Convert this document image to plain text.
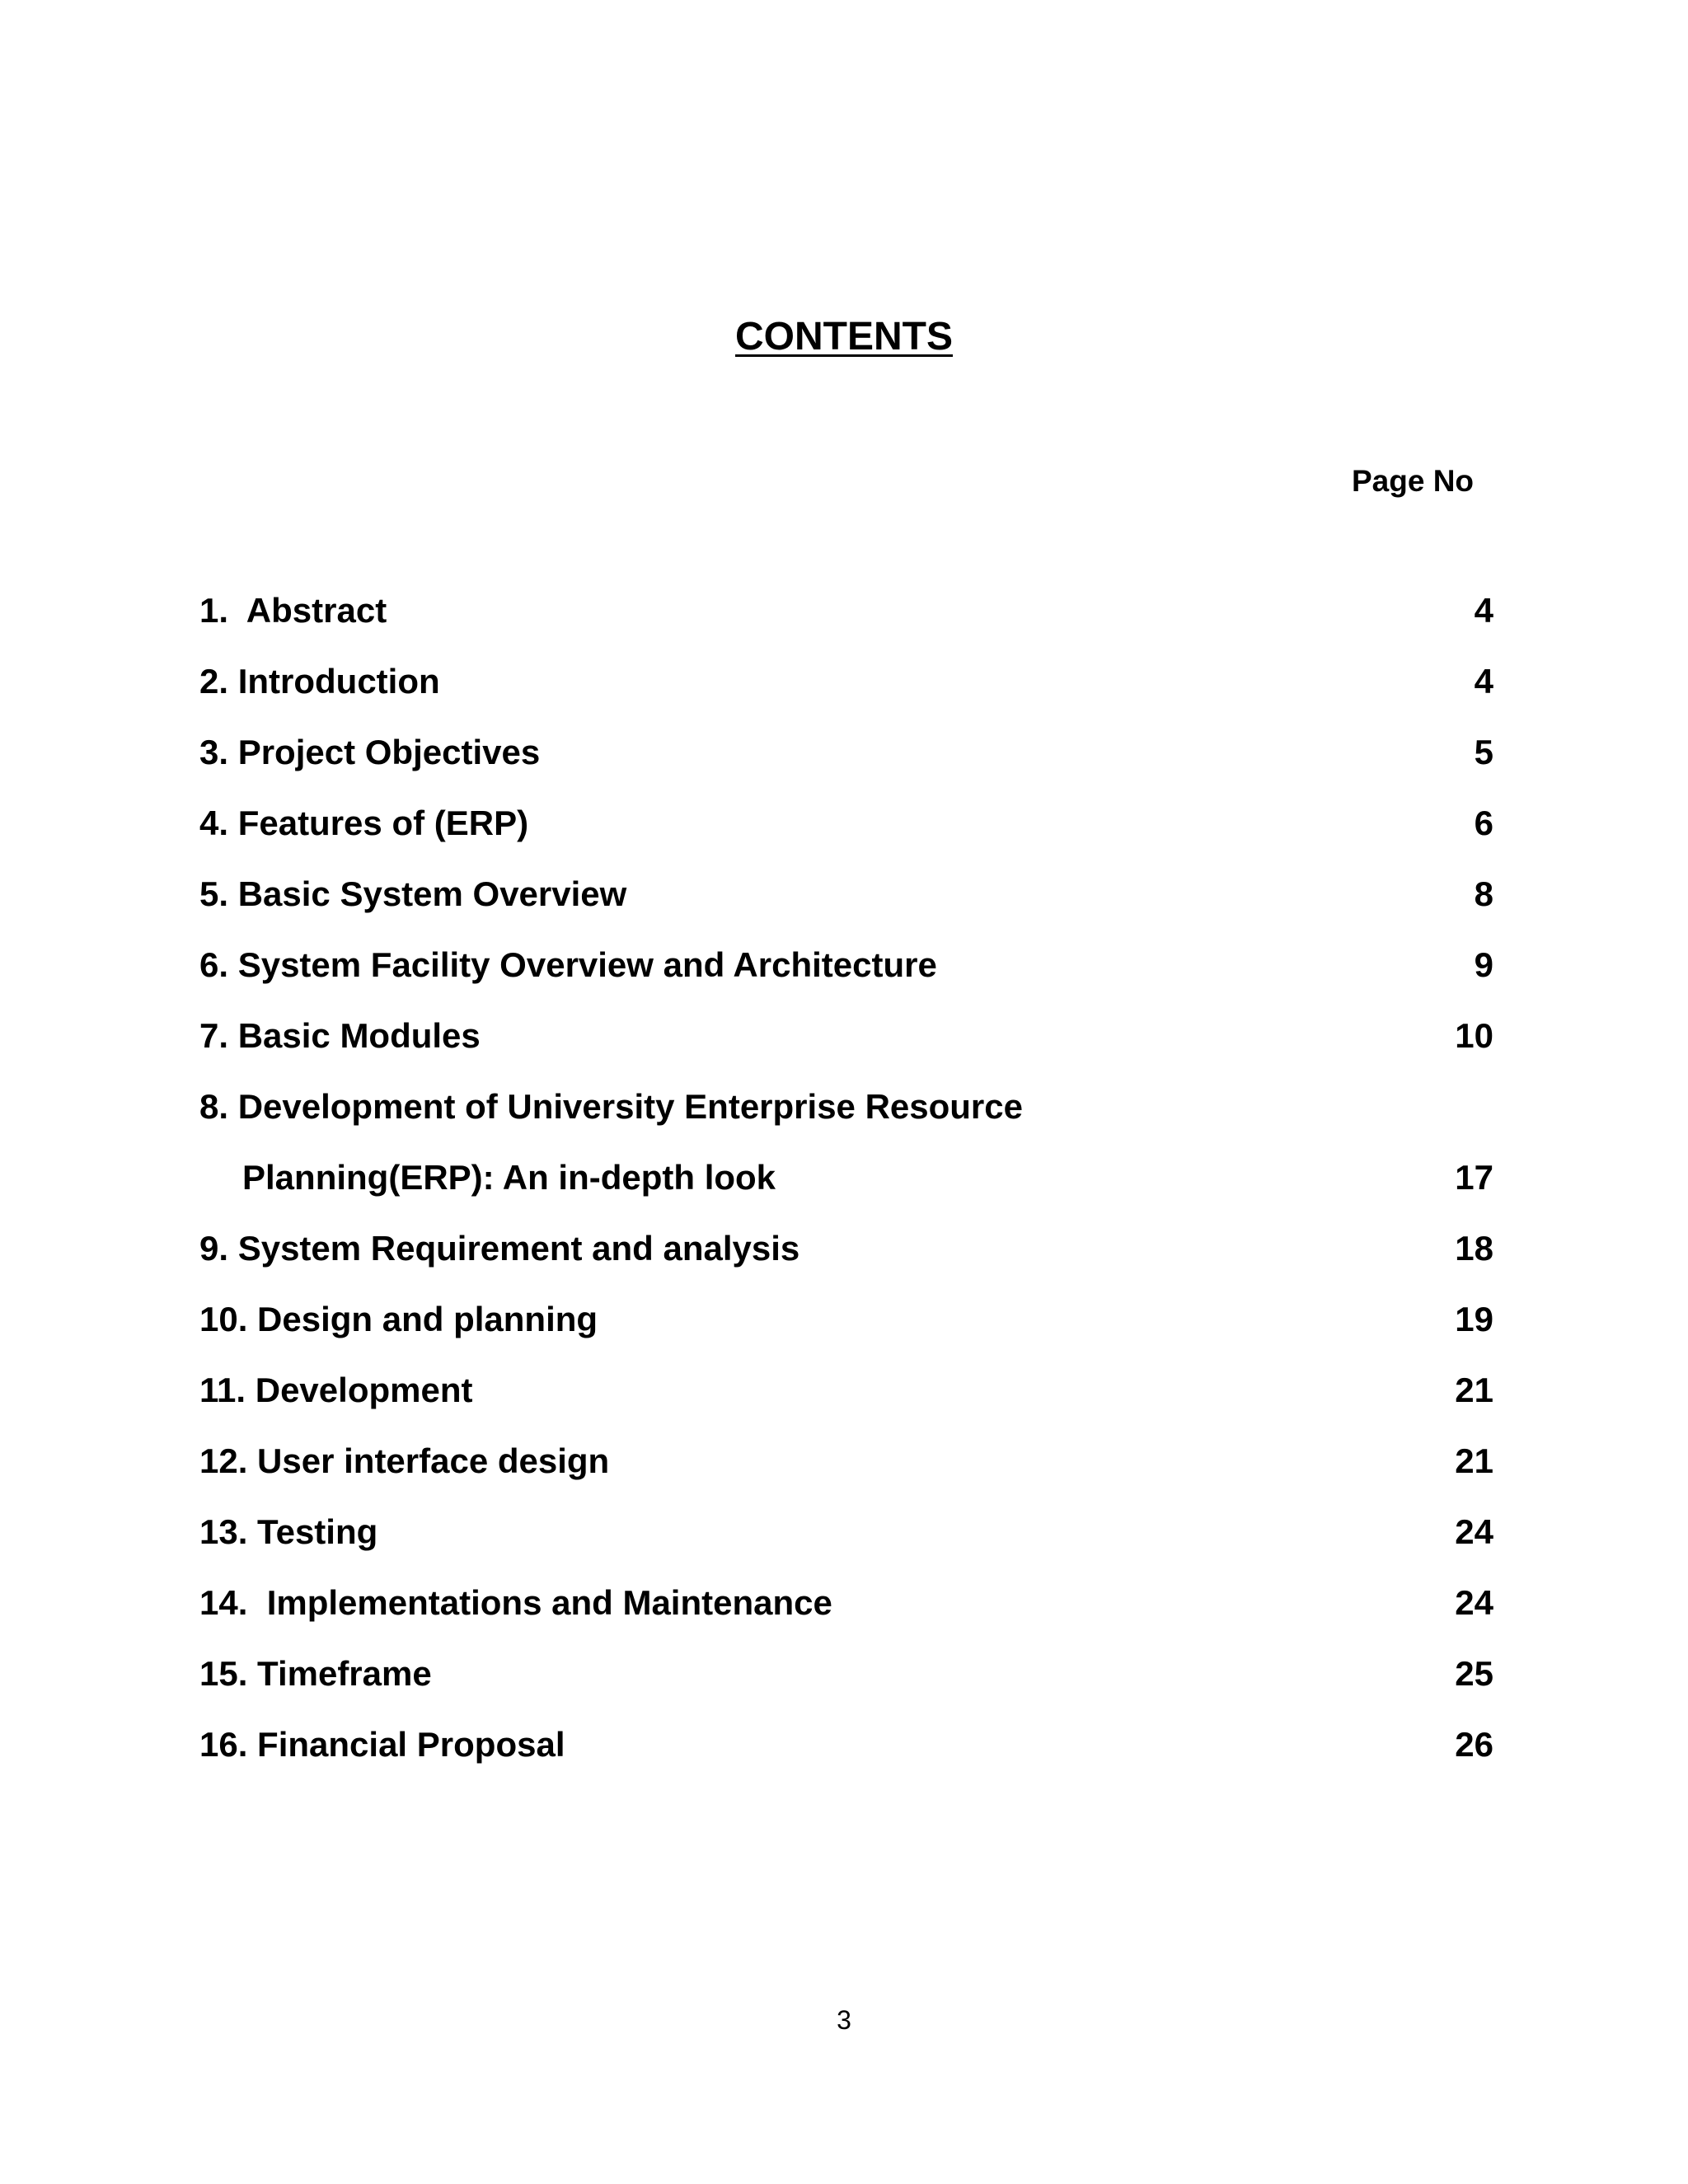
CONTENTS
Page No
1.  Abstract	4
2. Introduction	4
3. Project Objectives	5
4. Features of (ERP)	6
5. Basic System Overview	8
6. System Facility Overview and Architecture	9
7. Basic Modules	10
8. Development of University Enterprise Resource
Planning(ERP): An in-depth look	17
9. System Requirement and analysis	18
10. Design and planning	19
11. Development	21
12. User interface design	21
13. Testing	24
14.  Implementations and Maintenance	24
15. Timeframe	25
16. Financial Proposal	26
3
